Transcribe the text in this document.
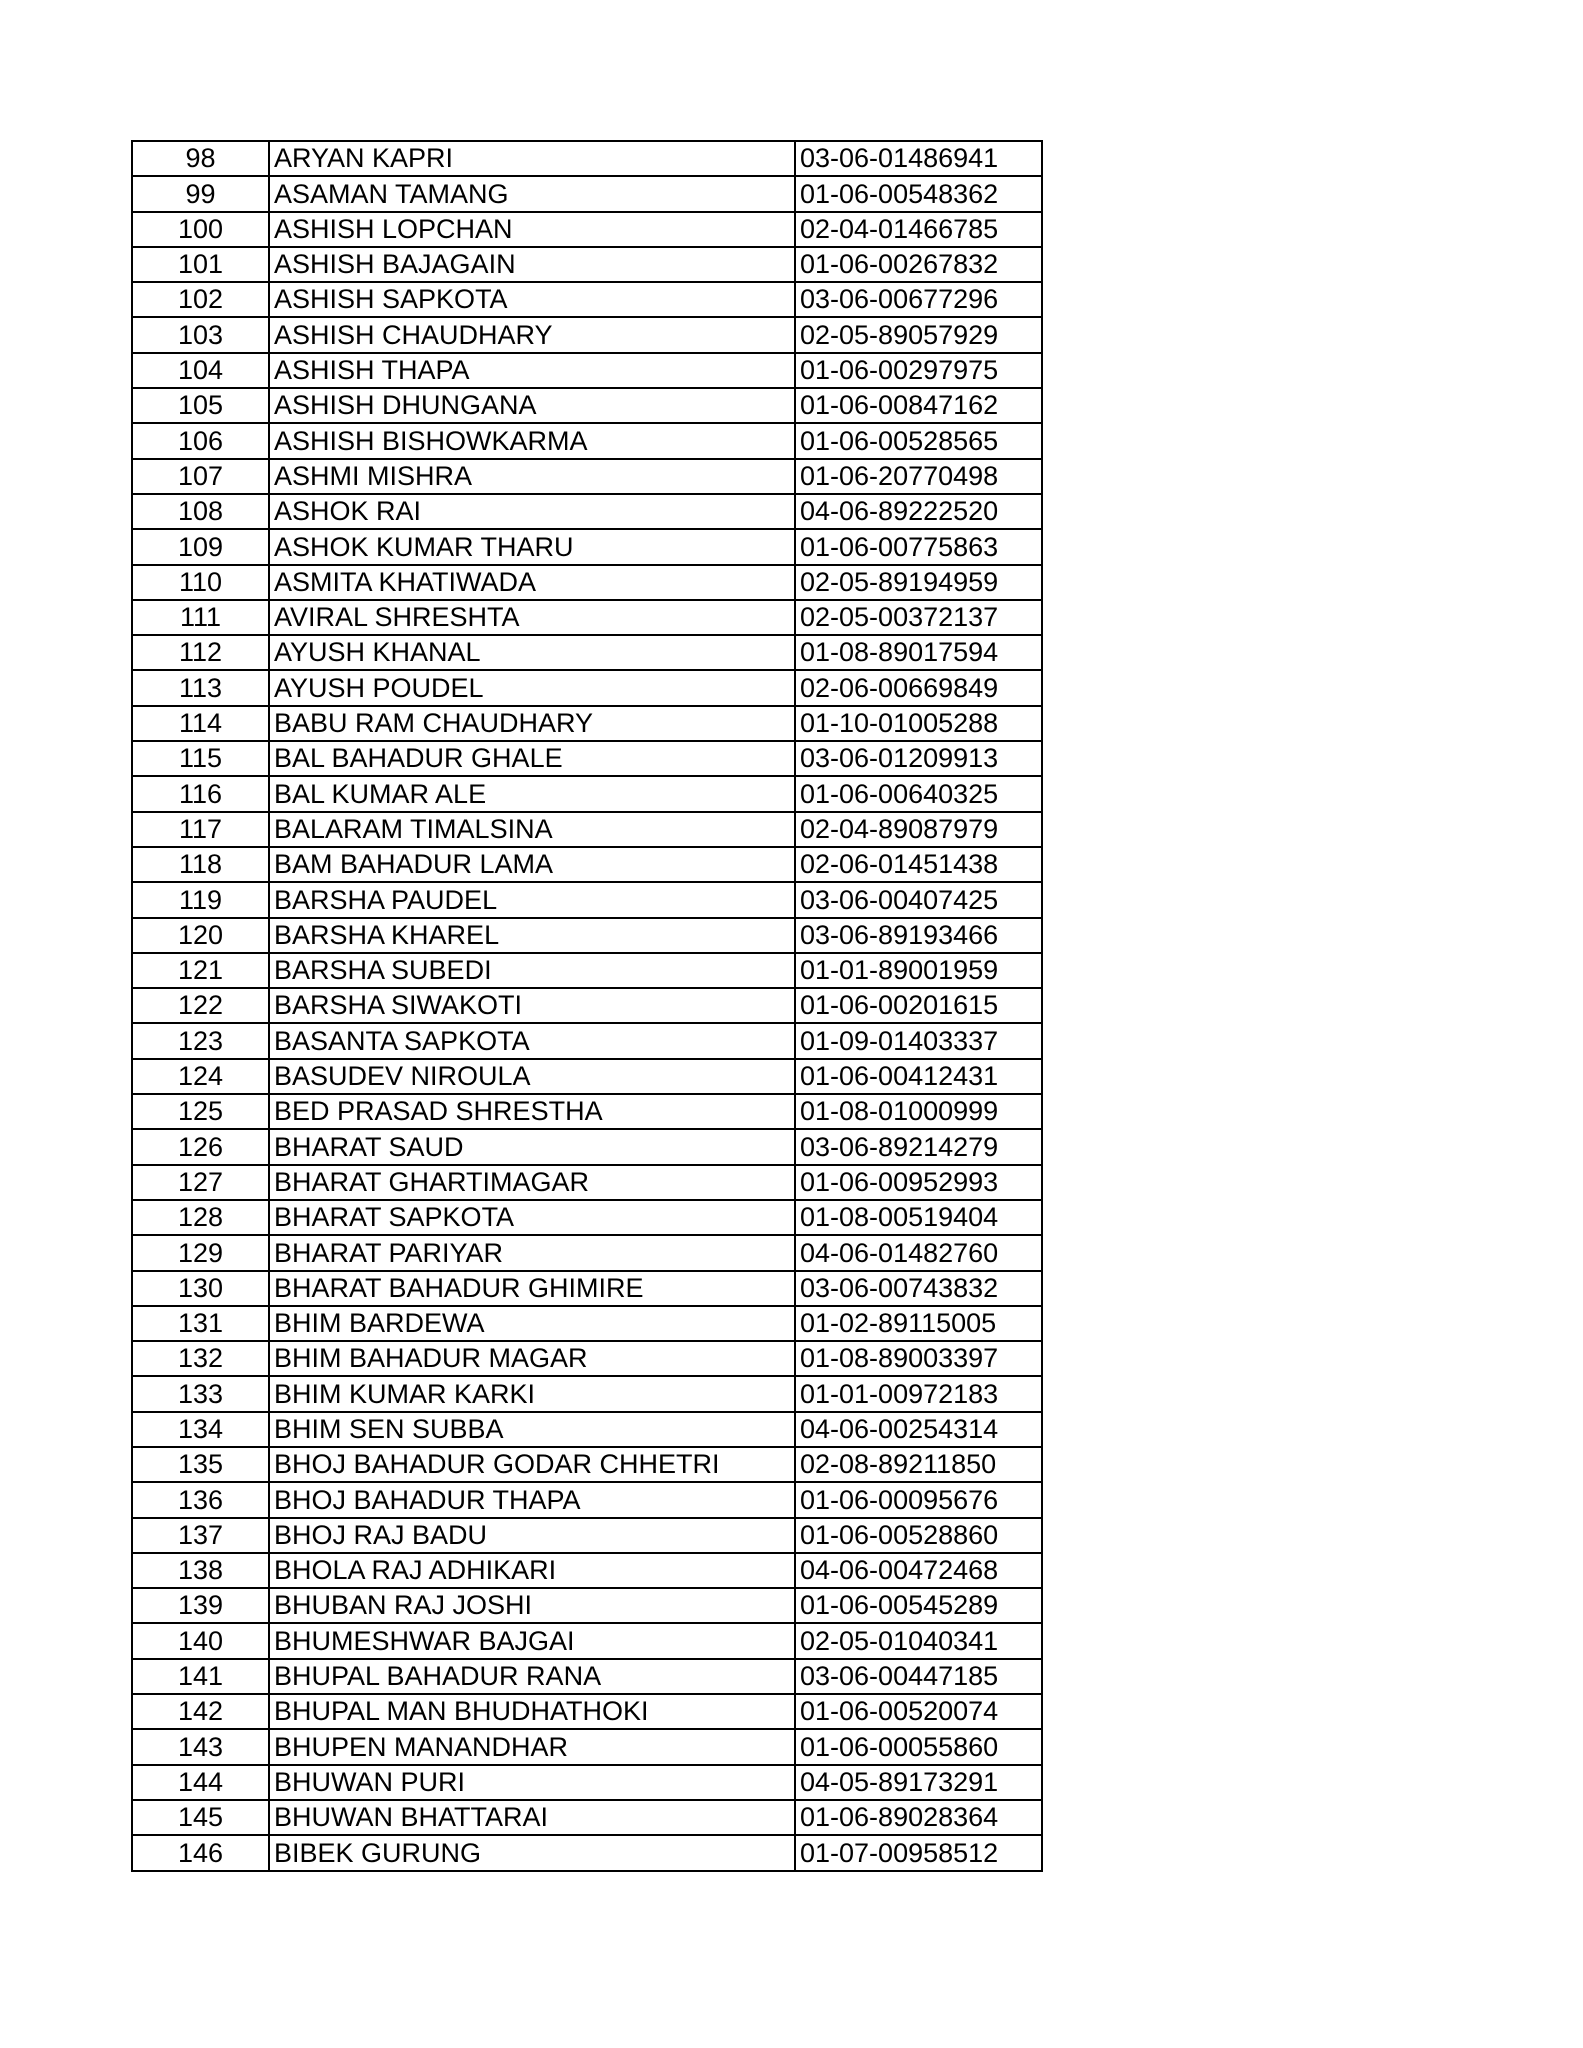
98	ARYAN KAPRI	03-06-01486941
99	ASAMAN TAMANG	01-06-00548362
100	ASHISH LOPCHAN	02-04-01466785
101	ASHISH BAJAGAIN	01-06-00267832
102	ASHISH SAPKOTA	03-06-00677296
103	ASHISH CHAUDHARY	02-05-89057929
104	ASHISH THAPA	01-06-00297975
105	ASHISH DHUNGANA	01-06-00847162
106	ASHISH BISHOWKARMA	01-06-00528565
107	ASHMI MISHRA	01-06-20770498
108	ASHOK RAI	04-06-89222520
109	ASHOK KUMAR THARU	01-06-00775863
110	ASMITA KHATIWADA	02-05-89194959
111	AVIRAL SHRESHTA	02-05-00372137
112	AYUSH KHANAL	01-08-89017594
113	AYUSH POUDEL	02-06-00669849
114	BABU RAM CHAUDHARY	01-10-01005288
115	BAL BAHADUR GHALE	03-06-01209913
116	BAL KUMAR ALE	01-06-00640325
117	BALARAM TIMALSINA	02-04-89087979
118	BAM BAHADUR LAMA	02-06-01451438
119	BARSHA PAUDEL	03-06-00407425
120	BARSHA KHAREL	03-06-89193466
121	BARSHA SUBEDI	01-01-89001959
122	BARSHA SIWAKOTI	01-06-00201615
123	BASANTA SAPKOTA	01-09-01403337
124	BASUDEV NIROULA	01-06-00412431
125	BED PRASAD SHRESTHA	01-08-01000999
126	BHARAT SAUD	03-06-89214279
127	BHARAT GHARTIMAGAR	01-06-00952993
128	BHARAT SAPKOTA	01-08-00519404
129	BHARAT PARIYAR	04-06-01482760
130	BHARAT BAHADUR GHIMIRE	03-06-00743832
131	BHIM BARDEWA	01-02-89115005
132	BHIM BAHADUR MAGAR	01-08-89003397
133	BHIM KUMAR KARKI	01-01-00972183
134	BHIM SEN SUBBA	04-06-00254314
135	BHOJ BAHADUR GODAR CHHETRI	02-08-89211850
136	BHOJ BAHADUR THAPA	01-06-00095676
137	BHOJ RAJ BADU	01-06-00528860
138	BHOLA RAJ ADHIKARI	04-06-00472468
139	BHUBAN RAJ JOSHI	01-06-00545289
140	BHUMESHWAR BAJGAI	02-05-01040341
141	BHUPAL BAHADUR RANA	03-06-00447185
142	BHUPAL MAN BHUDHATHOKI	01-06-00520074
143	BHUPEN MANANDHAR	01-06-00055860
144	BHUWAN PURI	04-05-89173291
145	BHUWAN BHATTARAI	01-06-89028364
146	BIBEK GURUNG	01-07-00958512
